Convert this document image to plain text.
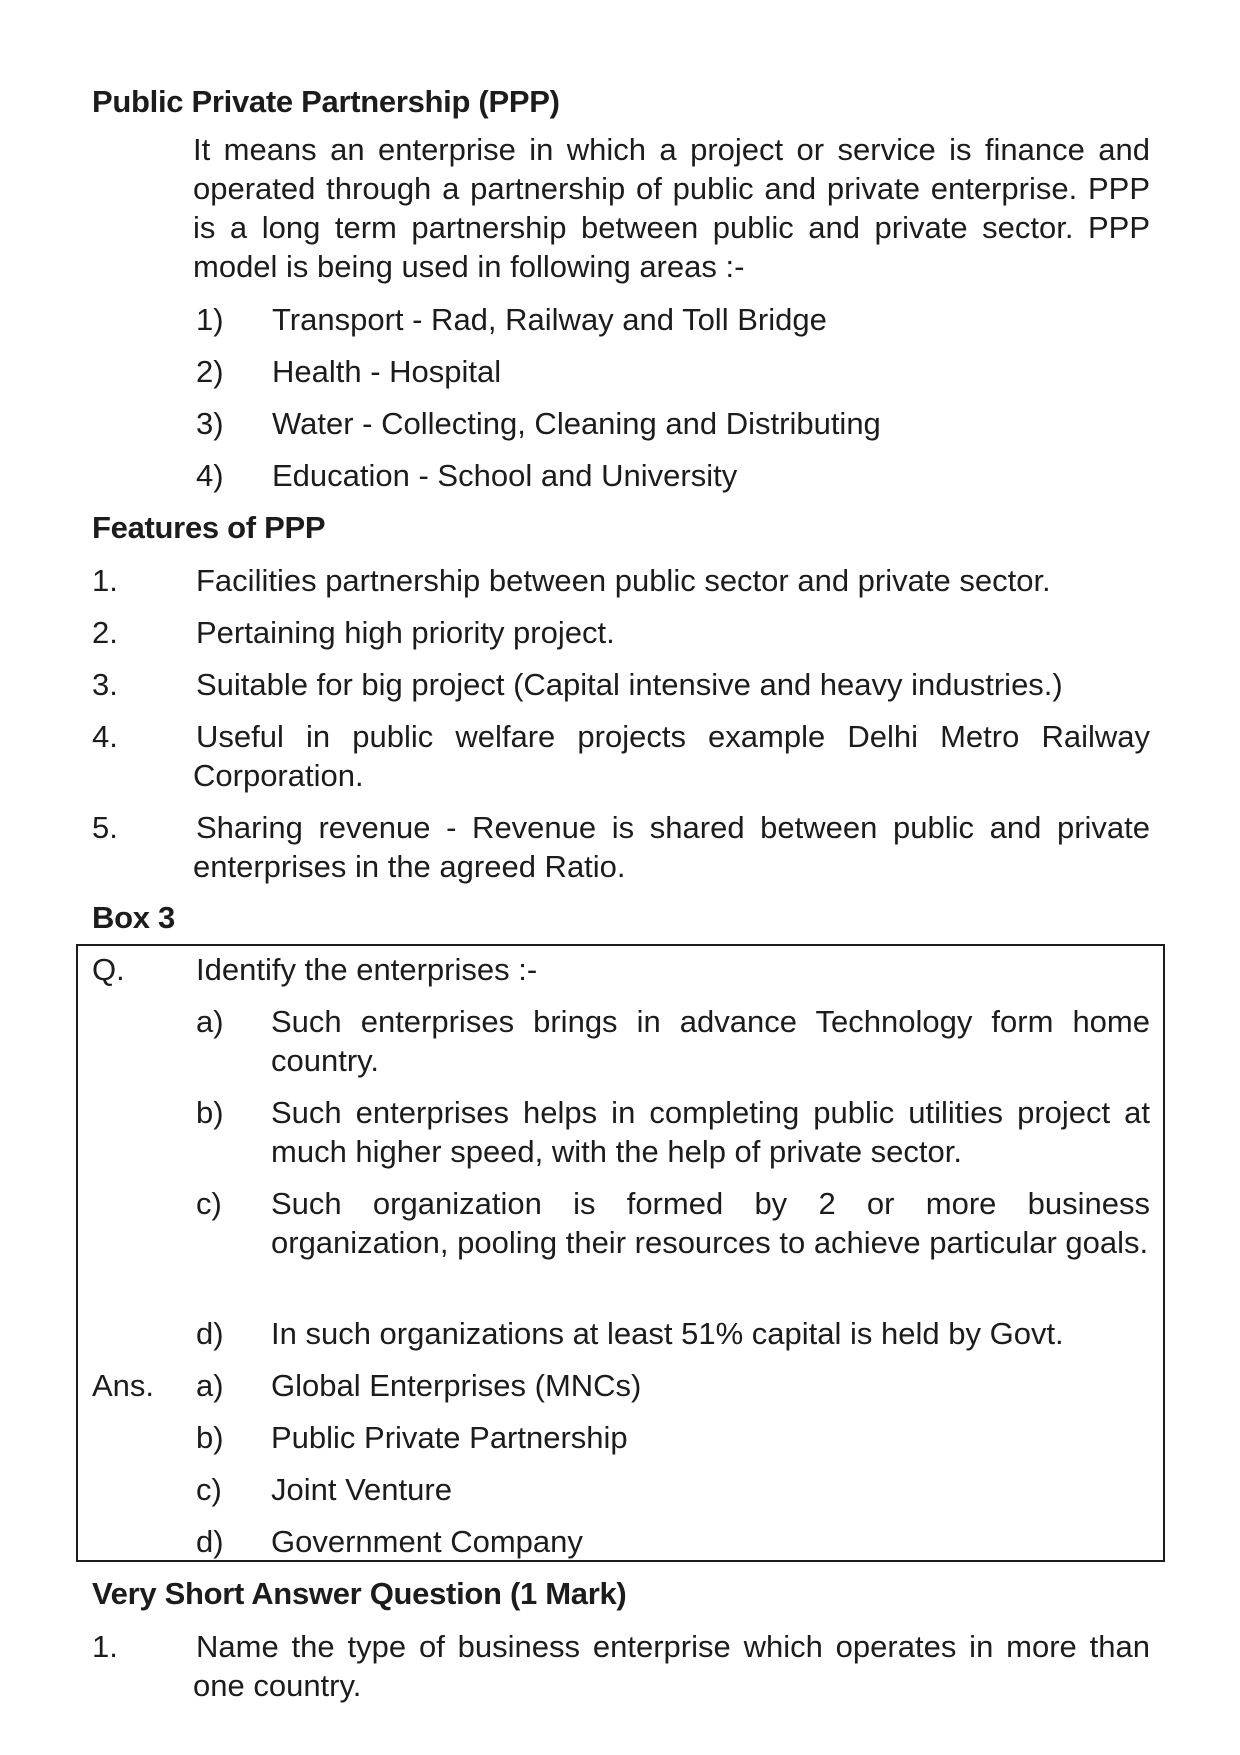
Public Private Partnership (PPP)
It means an enterprise in which a project or service is finance and operated through a partnership of public and private enterprise. PPP is a long term partnership between public and private sector. PPP model is being used in following areas :-
1) Transport - Rad, Railway and Toll Bridge
2) Health - Hospital
3) Water - Collecting, Cleaning and Distributing
4) Education - School and University
Features of PPP
1.	Facilities partnership between public sector and private sector.
2.	Pertaining high priority project.
3.	Suitable for big project (Capital intensive and heavy industries.)
4.	Useful in public welfare projects example Delhi Metro Railway Corporation.
5.	Sharing revenue - Revenue is shared between public and private enterprises in the agreed Ratio.
Box 3
Q. Identify the enterprises :-
a) Such enterprises brings in advance Technology form home country.
b) Such enterprises helps in completing public utilities project at much higher speed, with the help of private sector.
c) Such organization is formed by 2 or more business organization, pooling their resources to achieve particular goals.
d) In such organizations at least 51% capital is held by Govt.
Ans. a) Global Enterprises (MNCs)
b) Public Private Partnership
c) Joint Venture
d) Government Company
Very Short Answer Question (1 Mark)
1.	Name the type of business enterprise which operates in more than one country.
